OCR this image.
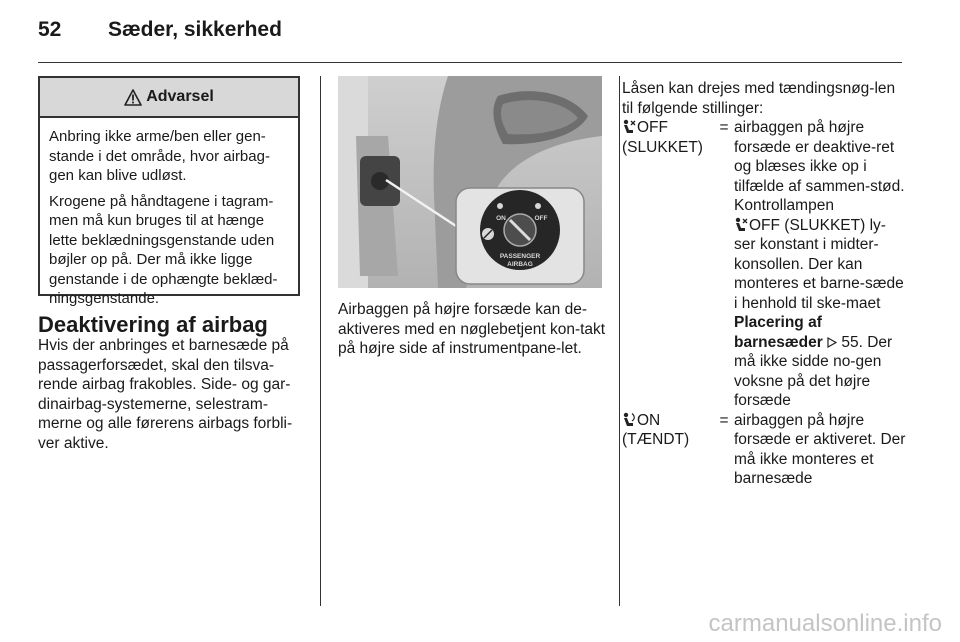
52 Sæder, sikkerhed
Advarsel

Anbring ikke arme/ben eller gen-stande i det område, hvor airbag-gen kan blive udløst.

Krogene på håndtagene i tagram-men må kun bruges til at hænge lette beklædningsgenstande uden bøjler op på. Der må ikke ligge genstande i de ophængte beklæd-ningsgenstande.

Deaktivering af airbag
Hvis der anbringes et barnesæde på passagerforsædet, skal den tilsva-rende airbag frakobles. Side- og gar-dinairbag-systemerne, selestram-merne og alle førerens airbags forbli-ver aktive.
ON	OFF
PASSENGER
AIRBAG
Airbaggen på højre forsæde kan de-aktiveres med en nøglebetjent kon-takt på højre side af instrumentpane-let.
Låsen kan drejes med tændingsnøg-len til følgende stillinger:
OFF
(SLUKKET)
= airbaggen på højre forsæde er deaktive-ret og blæses ikke op i tilfælde af sammen-stød. Kontrollampen
OFF (SLUKKET) ly-ser konstant i midter-konsollen. Der kan monteres et barne-sæde i henhold til ske-maet Placering af barnesæder 55. Der må ikke sidde no-gen voksne på det højre forsæde
ON
(TÆNDT)
= airbaggen på højre forsæde er aktiveret. Der må ikke monteres et barnesæde
carmanualsonline.info
